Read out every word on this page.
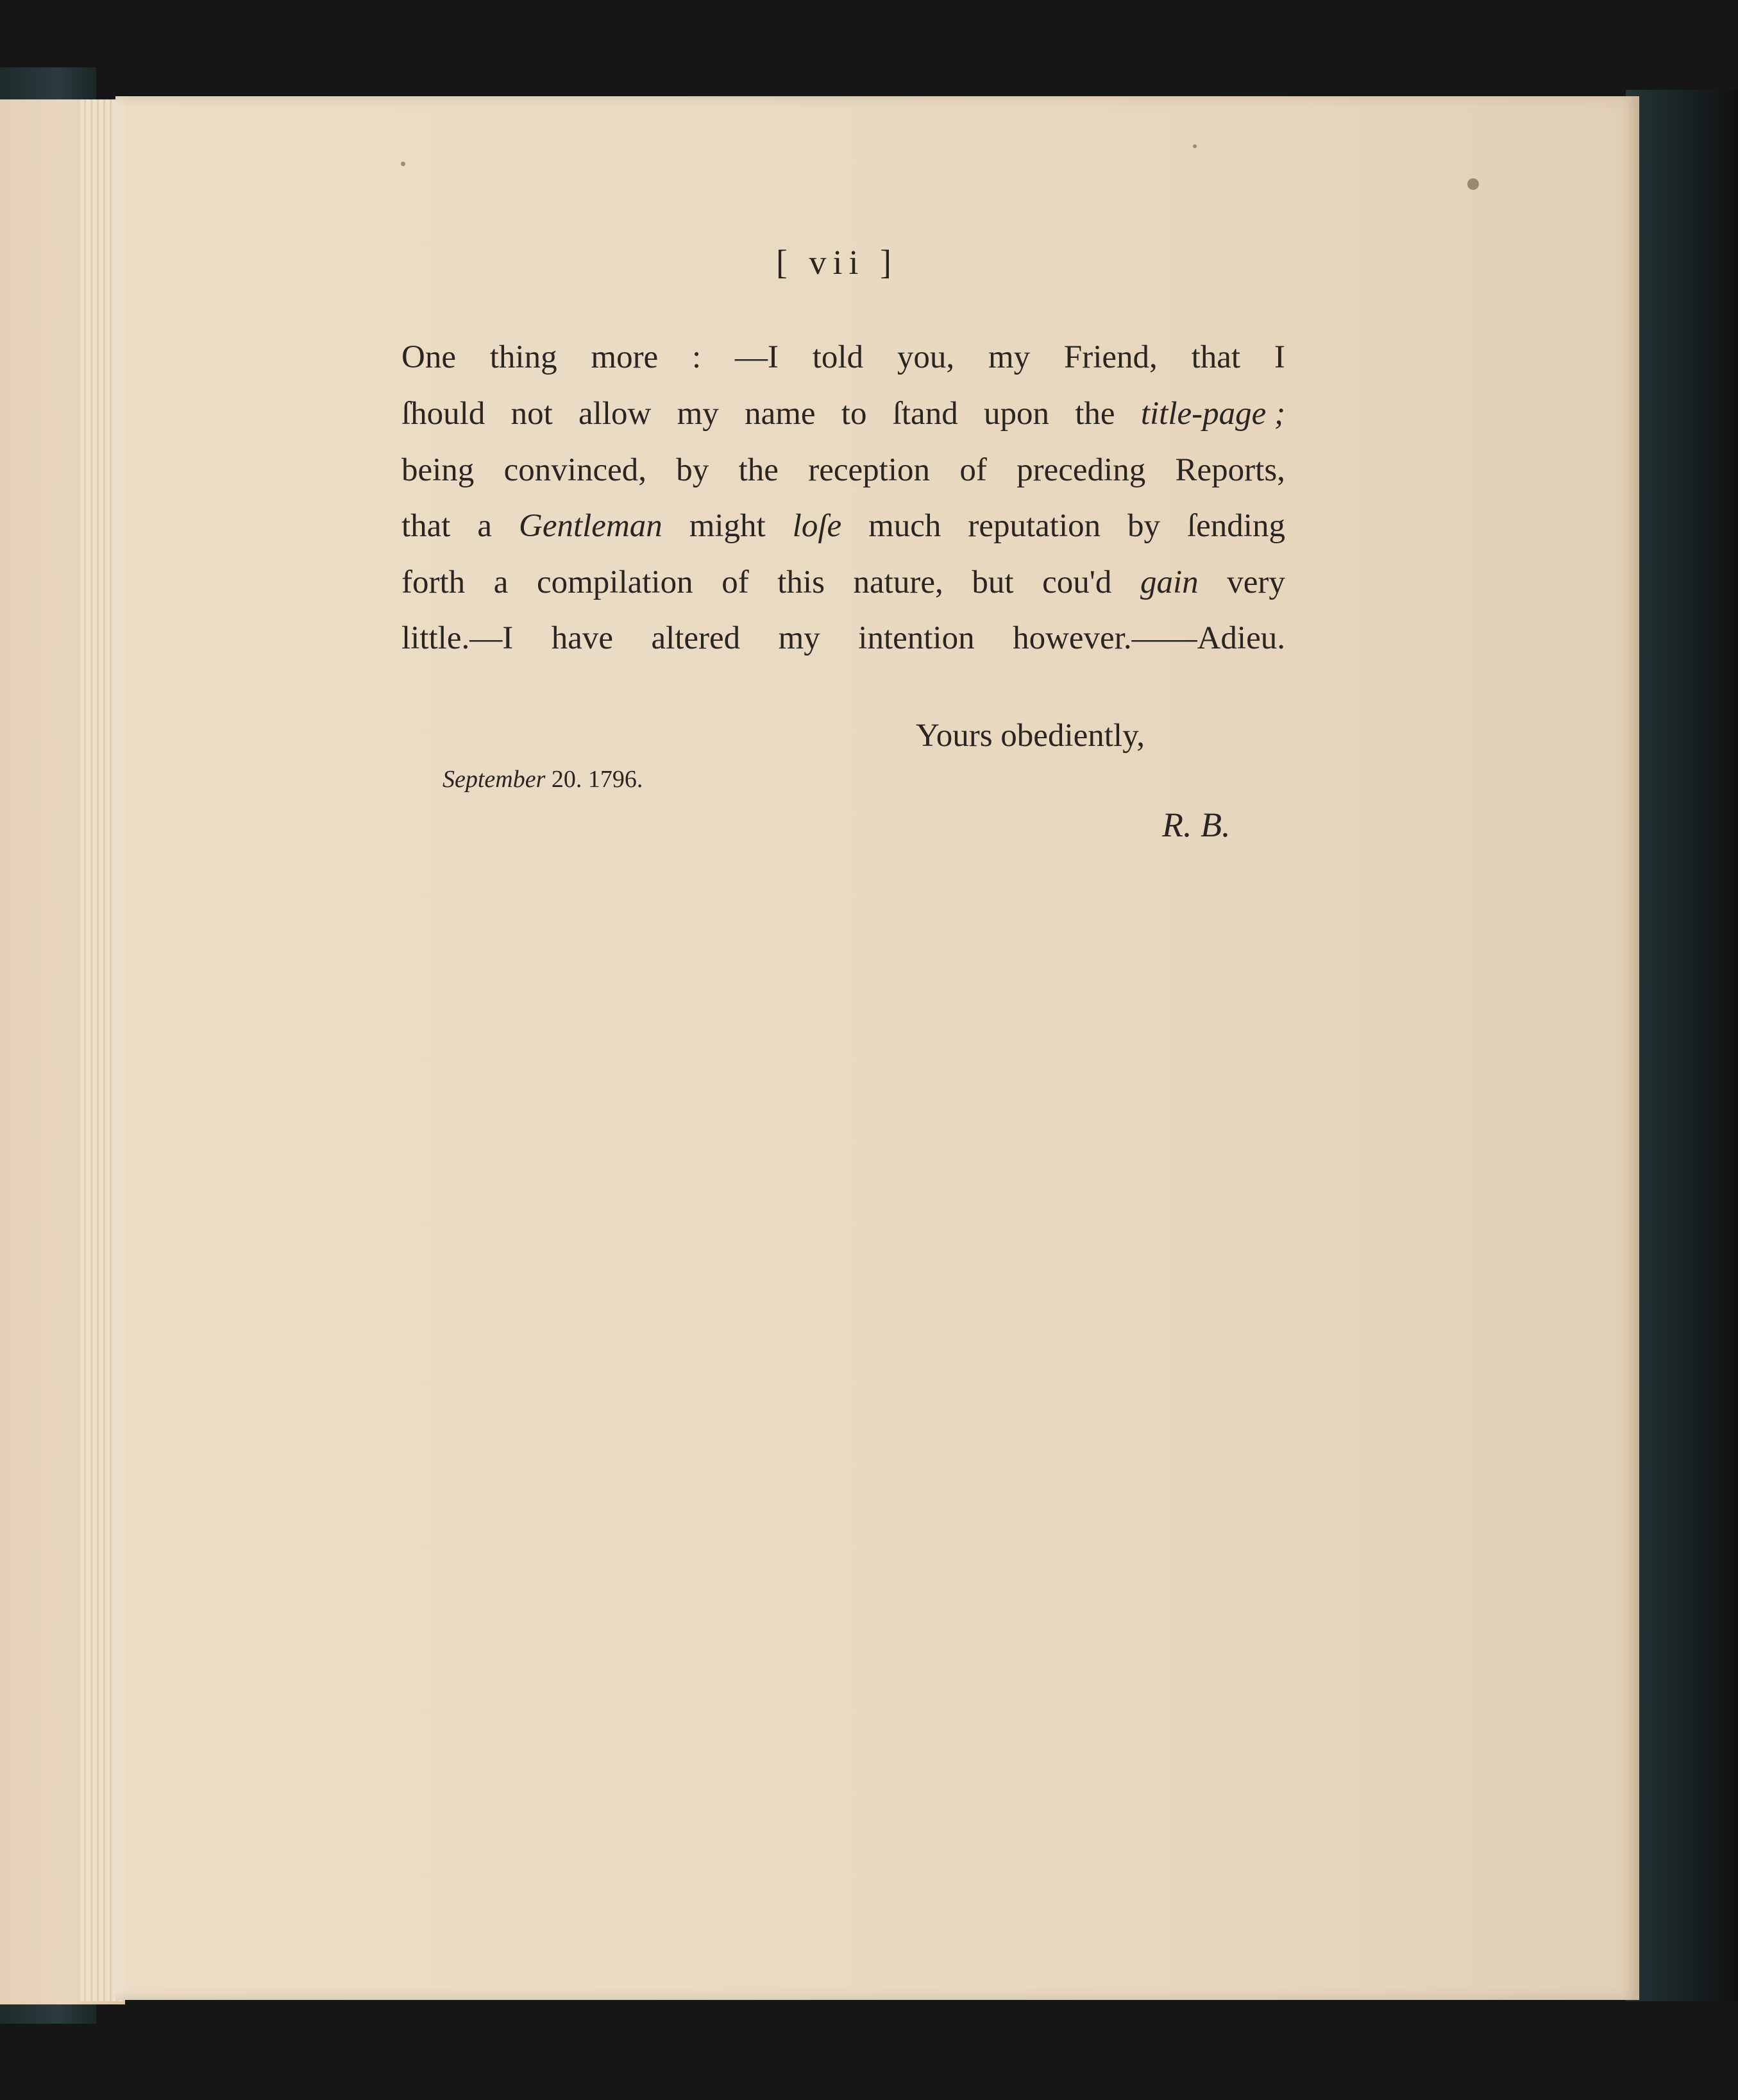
[ vii ]
One thing more : —I told you, my Friend, that I
ſhould not allow my name to ſtand upon the title-page ;
being convinced, by the reception of preceding Reports,
that a Gentleman might loſe much reputation by ſending
forth a compilation of this nature, but cou'd gain very
little.—I have altered my intention however.——Adieu.
Yours obediently,
September 20. 1796.
R. B.
